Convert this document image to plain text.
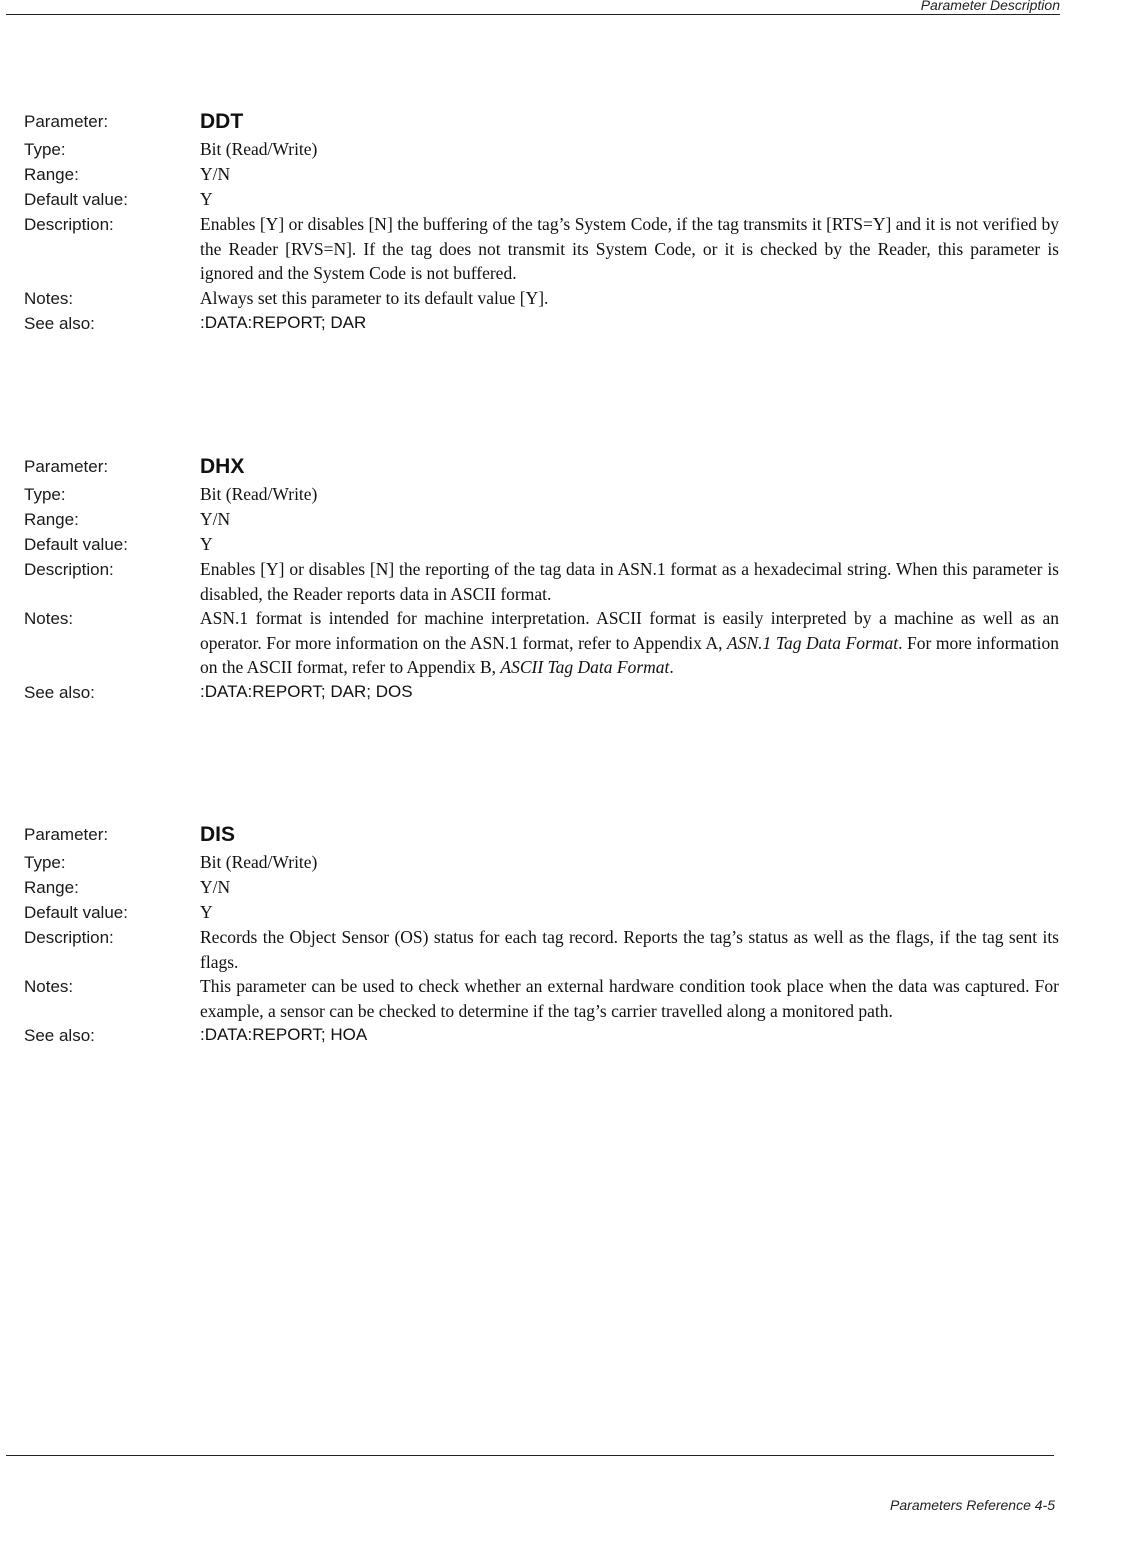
Parameter Description
Parameter:	DDT
Type:	Bit (Read/Write)
Range:	Y/N
Default value:	Y
Description:	Enables [Y] or disables [N] the buffering of the tag’s System Code, if the tag transmits it [RTS=Y] and it is not verified by the Reader [RVS=N]. If the tag does not transmit its System Code, or it is checked by the Reader, this parameter is ignored and the System Code is not buffered.
Notes:	Always set this parameter to its default value [Y].
See also:	:DATA:REPORT; DAR
Parameter:	DHX
Type:	Bit (Read/Write)
Range:	Y/N
Default value:	Y
Description:	Enables [Y] or disables [N] the reporting of the tag data in ASN.1 format as a hexadecimal string. When this parameter is disabled, the Reader reports data in ASCII format.
Notes:	ASN.1 format is intended for machine interpretation. ASCII format is easily interpreted by a machine as well as an operator. For more information on the ASN.1 format, refer to Appendix A, ASN.1 Tag Data Format. For more information on the ASCII format, refer to Appendix B, ASCII Tag Data Format.
See also:	:DATA:REPORT; DAR; DOS
Parameter:	DIS
Type:	Bit (Read/Write)
Range:	Y/N
Default value:	Y
Description:	Records the Object Sensor (OS) status for each tag record. Reports the tag’s status as well as the flags, if the tag sent its flags.
Notes:	This parameter can be used to check whether an external hardware condition took place when the data was captured. For example, a sensor can be checked to determine if the tag’s carrier travelled along a monitored path.
See also:	:DATA:REPORT; HOA
Parameters Reference 4-5
